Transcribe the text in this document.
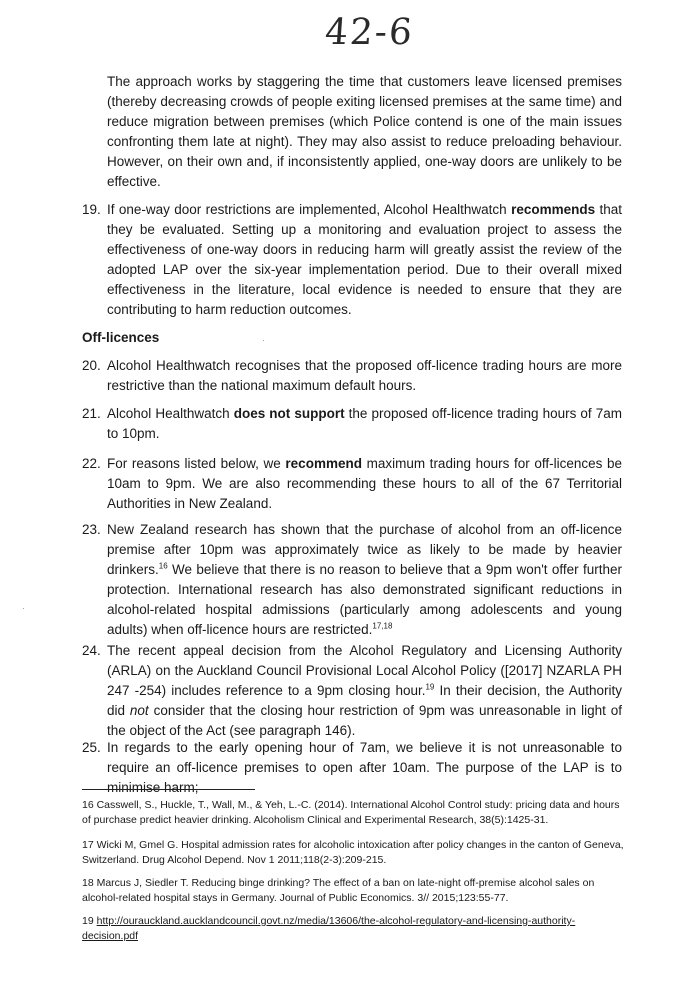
42-6
The approach works by staggering the time that customers leave licensed premises (thereby decreasing crowds of people exiting licensed premises at the same time) and reduce migration between premises (which Police contend is one of the main issues confronting them late at night). They may also assist to reduce preloading behaviour. However, on their own and, if inconsistently applied, one-way doors are unlikely to be effective.
19. If one-way door restrictions are implemented, Alcohol Healthwatch recommends that they be evaluated. Setting up a monitoring and evaluation project to assess the effectiveness of one-way doors in reducing harm will greatly assist the review of the adopted LAP over the six-year implementation period. Due to their overall mixed effectiveness in the literature, local evidence is needed to ensure that they are contributing to harm reduction outcomes.
Off-licences
20. Alcohol Healthwatch recognises that the proposed off-licence trading hours are more restrictive than the national maximum default hours.
21. Alcohol Healthwatch does not support the proposed off-licence trading hours of 7am to 10pm.
22. For reasons listed below, we recommend maximum trading hours for off-licences be 10am to 9pm. We are also recommending these hours to all of the 67 Territorial Authorities in New Zealand.
23. New Zealand research has shown that the purchase of alcohol from an off-licence premise after 10pm was approximately twice as likely to be made by heavier drinkers.$^{16}$ We believe that there is no reason to believe that a 9pm won't offer further protection. International research has also demonstrated significant reductions in alcohol-related hospital admissions (particularly among adolescents and young adults) when off-licence hours are restricted.$^{17,18}$
24. The recent appeal decision from the Alcohol Regulatory and Licensing Authority (ARLA) on the Auckland Council Provisional Local Alcohol Policy ([2017] NZARLA PH 247 -254) includes reference to a 9pm closing hour.$^{19}$ In their decision, the Authority did not consider that the closing hour restriction of 9pm was unreasonable in light of the object of the Act (see paragraph 146).
25. In regards to the early opening hour of 7am, we believe it is not unreasonable to require an off-licence premises to open after 10am. The purpose of the LAP is to minimise harm;
16 Casswell, S., Huckle, T., Wall, M., & Yeh, L.-C. (2014). International Alcohol Control study: pricing data and hours of purchase predict heavier drinking. Alcoholism Clinical and Experimental Research, 38(5):1425-31.
17 Wicki M, Gmel G. Hospital admission rates for alcoholic intoxication after policy changes in the canton of Geneva, Switzerland. Drug Alcohol Depend. Nov 1 2011;118(2-3):209-215.
18 Marcus J, Siedler T. Reducing binge drinking? The effect of a ban on late-night off-premise alcohol sales on alcohol-related hospital stays in Germany. Journal of Public Economics. 3// 2015;123:55-77.
19 http://ourauckland.aucklandcouncil.govt.nz/media/13606/the-alcohol-regulatory-and-licensing-authority-decision.pdf
·
·
